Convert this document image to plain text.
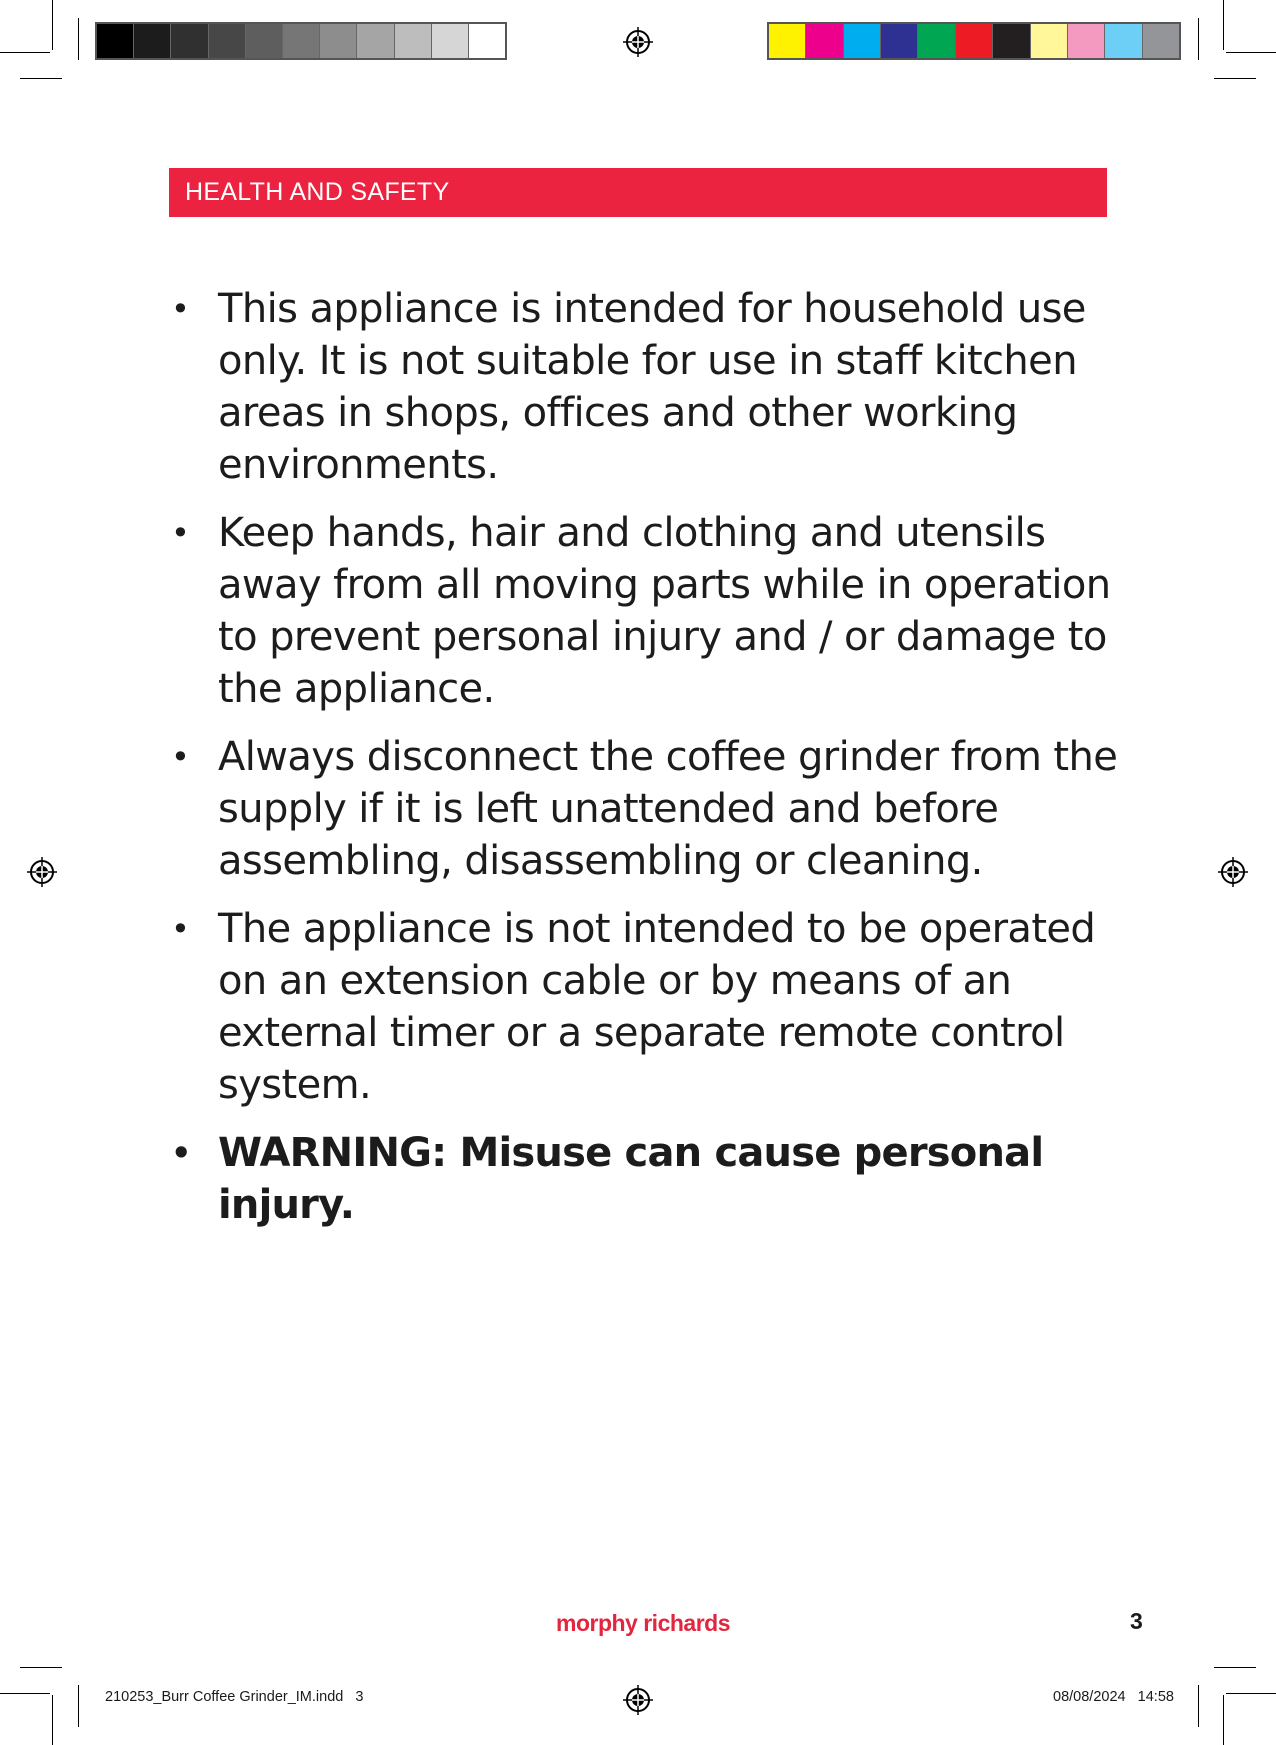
HEALTH AND SAFETY
• This appliance is intended for household use only. It is not suitable for use in staff kitchen areas in shops, offices and other working environments.
• Keep hands, hair and clothing and utensils away from all moving parts while in operation to prevent personal injury and / or damage to the appliance.
• Always disconnect the coffee grinder from the supply if it is left unattended and before assembling, disassembling or cleaning.
• The appliance is not intended to be operated on an extension cable or by means of an external timer or a separate remote control system.
• WARNING: Misuse can cause personal injury.
morphy richards	3
210253_Burr Coffee Grinder_IM.indd   3	08/08/2024   14:58
